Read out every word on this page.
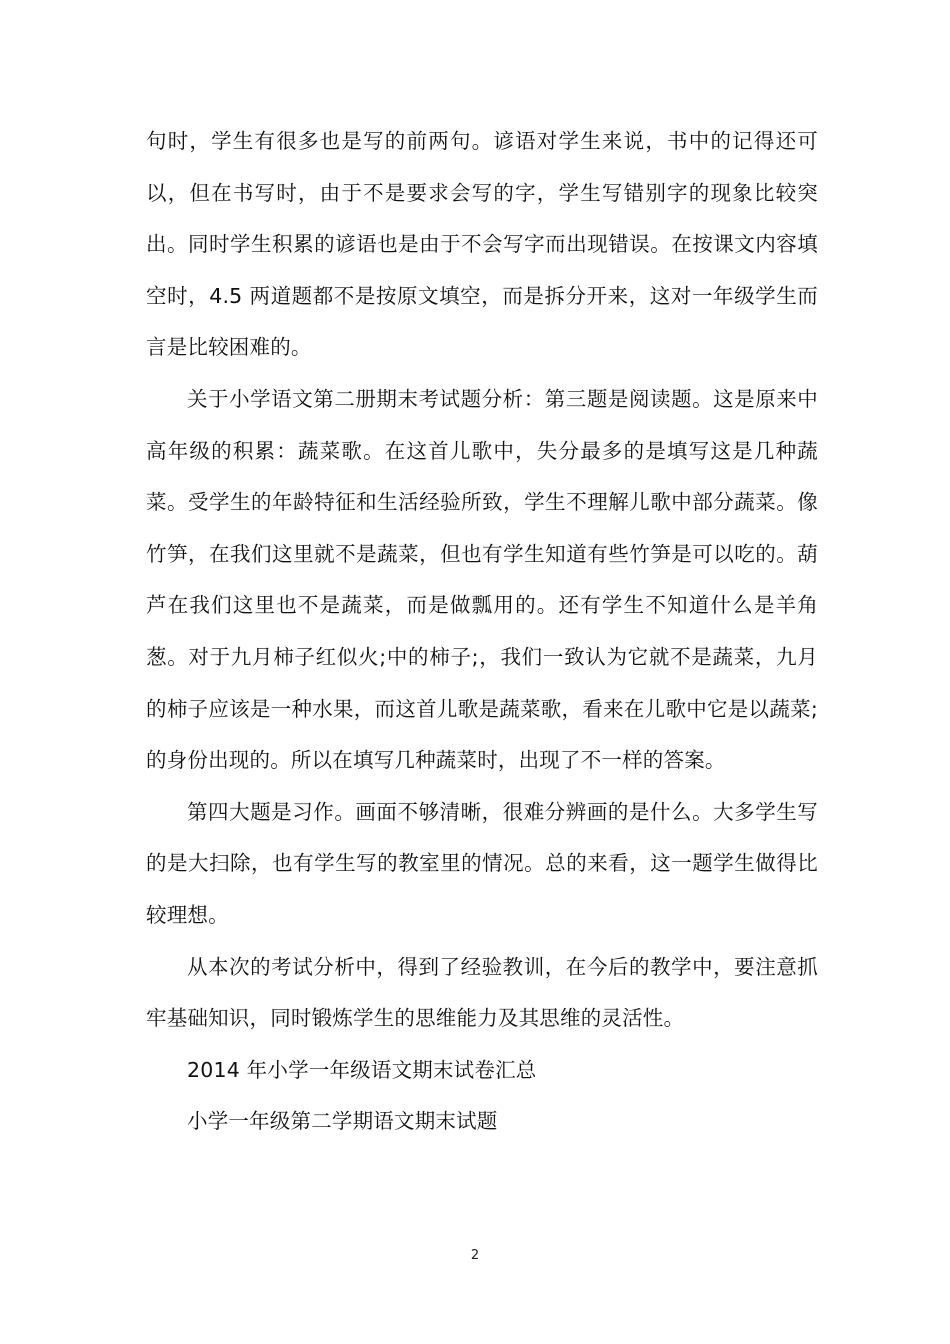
句时，学生有很多也是写的前两句。谚语对学生来说，书中的记得还可以，但在书写时，由于不是要求会写的字，学生写错别字的现象比较突出。同时学生积累的谚语也是由于不会写字而出现错误。在按课文内容填空时，4.5 两道题都不是按原文填空，而是拆分开来，这对一年级学生而言是比较困难的。

关于小学语文第二册期末考试题分析：第三题是阅读题。这是原来中高年级的积累：蔬菜歌。在这首儿歌中，失分最多的是填写这是几种蔬菜。受学生的年龄特征和生活经验所致，学生不理解儿歌中部分蔬菜。像竹笋，在我们这里就不是蔬菜，但也有学生知道有些竹笋是可以吃的。葫芦在我们这里也不是蔬菜，而是做瓢用的。还有学生不知道什么是羊角葱。对于九月柿子红似火;中的柿子;，我们一致认为它就不是蔬菜，九月的柿子应该是一种水果，而这首儿歌是蔬菜歌，看来在儿歌中它是以蔬菜;的身份出现的。所以在填写几种蔬菜时，出现了不一样的答案。

第四大题是习作。画面不够清晰，很难分辨画的是什么。大多学生写的是大扫除，也有学生写的教室里的情况。总的来看，这一题学生做得比较理想。

从本次的考试分析中，得到了经验教训，在今后的教学中，要注意抓牢基础知识，同时锻炼学生的思维能力及其思维的灵活性。

2014 年小学一年级语文期末试卷汇总

小学一年级第二学期语文期末试题

2
